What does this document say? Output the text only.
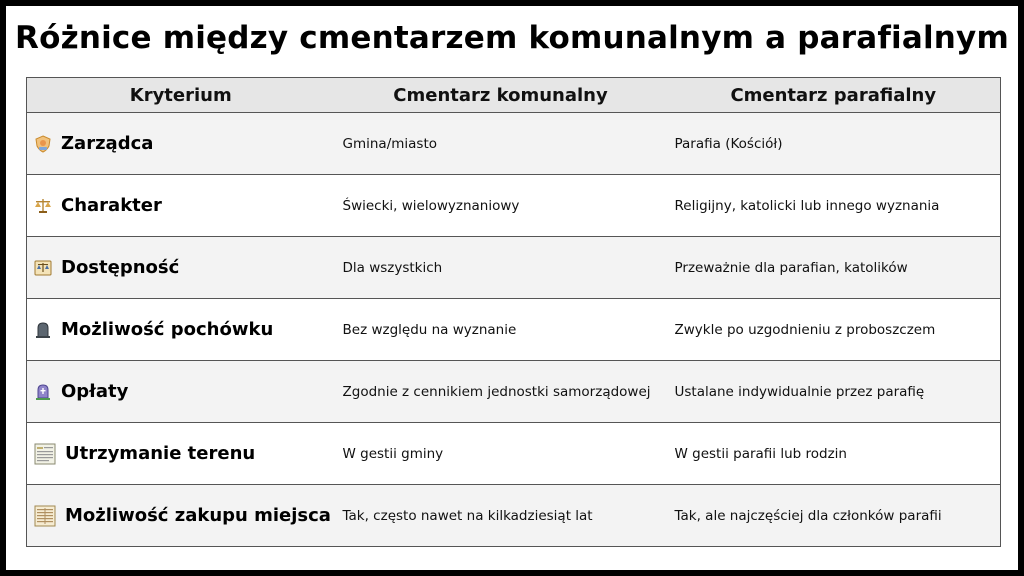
Różnice między cmentarzem komunalnym a parafialnym
Kryterium	Cmentarz komunalny	Cmentarz parafialny

Zarządca	Gmina/miasto	Parafia (Kościół)

Charakter	Świecki, wielowyznaniowy	Religijny, katolicki lub innego wyznania

Dostępność	Dla wszystkich	Przeważnie dla parafian, katolików

Możliwość pochówku	Bez względu na wyznanie	Zwykle po uzgodnieniu z proboszczem

Opłaty	Zgodnie z cennikiem jednostki samorządowej	Ustalane indywidualnie przez parafię

Utrzymanie terenu	W gestii gminy	W gestii parafii lub rodzin

Możliwość zakupu miejsca	Tak, często nawet na kilkadziesiąt lat	Tak, ale najczęściej dla członków parafii
